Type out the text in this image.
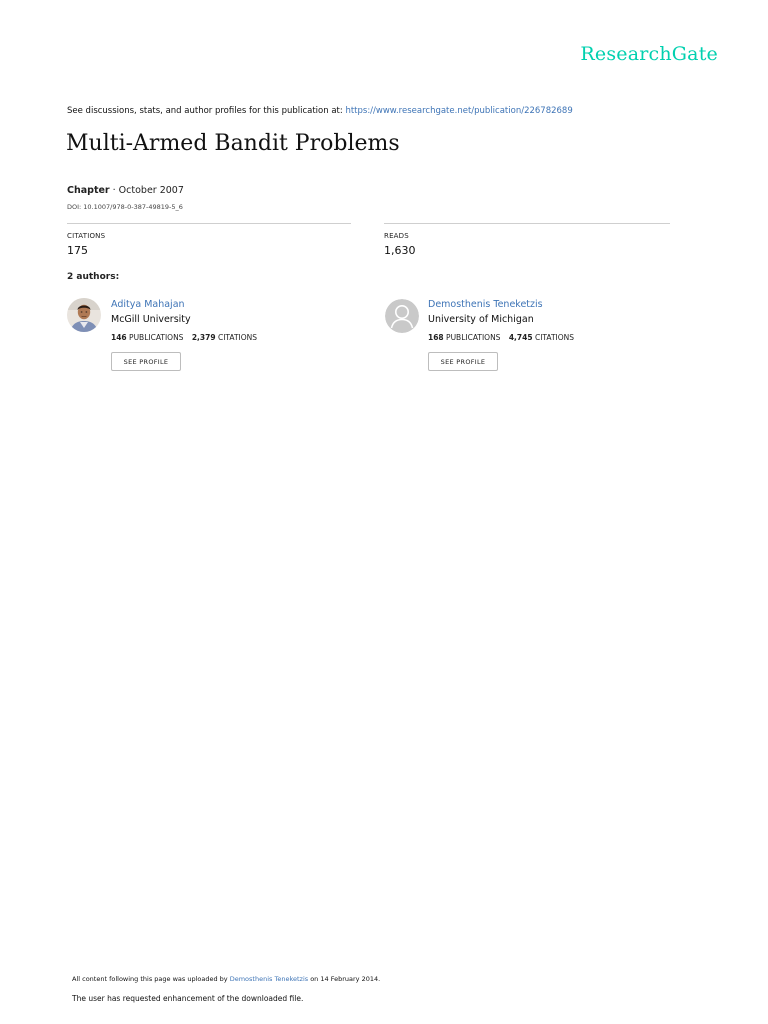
ResearchGate
See discussions, stats, and author profiles for this publication at: https://www.researchgate.net/publication/226782689
Multi-Armed Bandit Problems
Chapter · October 2007
DOI: 10.1007/978-0-387-49819-5_6
CITATIONS
175
READS
1,630
2 authors:
Aditya Mahajan
McGill University
146 PUBLICATIONS 2,379 CITATIONS
SEE PROFILE
Demosthenis Teneketzis
University of Michigan
168 PUBLICATIONS 4,745 CITATIONS
SEE PROFILE
All content following this page was uploaded by Demosthenis Teneketzis on 14 February 2014.
The user has requested enhancement of the downloaded file.
